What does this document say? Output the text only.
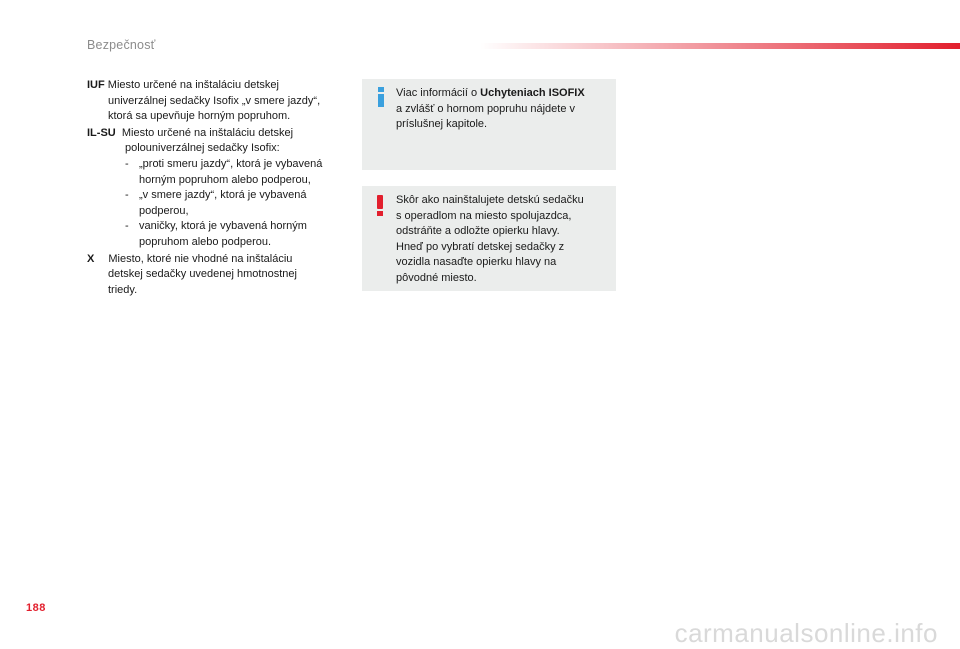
Bezpečnosť
IUF Miesto určené na inštaláciu detskej
univerzálnej sedačky Isofix „v smere jazdy“,
ktorá sa upevňuje horným popruhom.
IL-SU  Miesto určené na inštaláciu detskej
polouniverzálnej sedačky Isofix:
- „proti smeru jazdy“, ktorá je vybavená
horným popruhom alebo podperou,
- „v smere jazdy“, ktorá je vybavená
podperou,
- vaničky, ktorá je vybavená horným
popruhom alebo podperou.
X Miesto, ktoré nie vhodné na inštaláciu
detskej sedačky uvedenej hmotnostnej
triedy.
Viac informácií o Uchyteniach ISOFIX
a zvlášť o hornom popruhu nájdete v
príslušnej kapitole.
Skôr ako nainštalujete detskú sedačku
s operadlom na miesto spolujazdca,
odstráňte a odložte opierku hlavy.
Hneď po vybratí detskej sedačky z
vozidla nasaďte opierku hlavy na
pôvodné miesto.
188
carmanualsonline.info
